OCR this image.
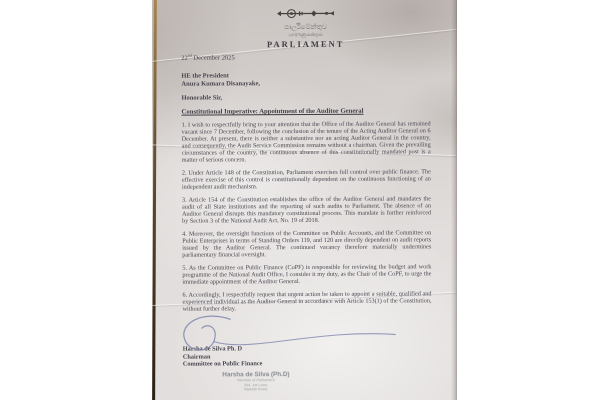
පාර්ලිමේන්තුව
பாராளுமன்றம்
PARLIAMENT
22nd December 2025
HE the President
Anura Kumara Disanayake,
Honorable Sir,
Constitutional Imperative: Appointment of the Auditor General
1. I wish to respectfully bring to your attention that the Office of the Auditor General has remained vacant since 7 December, following the conclusion of the tenure of the Acting Auditor General on 6 December. At present, there is neither a substantive nor an acting Auditor General in the country, and consequently, the Audit Service Commission remains without a chairman. Given the prevailing circumstances of the country, the continuous absence of this constitutionally mandated post is a matter of serious concern.
2. Under Article 148 of the Constitution, Parliament exercises full control over public finance. The effective exercise of this control is constitutionally dependent on the continuous functioning of an independent audit mechanism.
3. Article 154 of the Constitution establishes the office of the Auditor General and mandates the audit of all State institutions and the reporting of such audits to Parliament. The absence of an Auditor General disrupts this mandatory constitutional process. This mandate is further reinforced by Section 3 of the National Audit Act, No. 19 of 2018.
4. Moreover, the oversight functions of the Committee on Public Accounts, and the Committee on Public Enterprises in terms of Standing Orders 119, and 120 are directly dependent on audit reports issued by the Auditor General. The continued vacancy therefore materially undermines parliamentary financial oversight.
5. As the Committee on Public Finance (CoPF) is responsible for reviewing the budget and work programme of the National Audit Office, I consider it my duty, as the Chair of the CoPF, to urge the immediate appointment of the Auditor General.
6. Accordingly, I respectfully request that urgent action be taken to appoint a suitable, qualified and experienced individual as the Auditor General in accordance with Article 153(1) of the Constitution, without further delay.
Harsha de Silva Ph. D
Chairman
Committee on Public Finance
Harsha de Silva (Ph.D)
Member of Parliament
204, 1st Lane,
Nawala Road,
